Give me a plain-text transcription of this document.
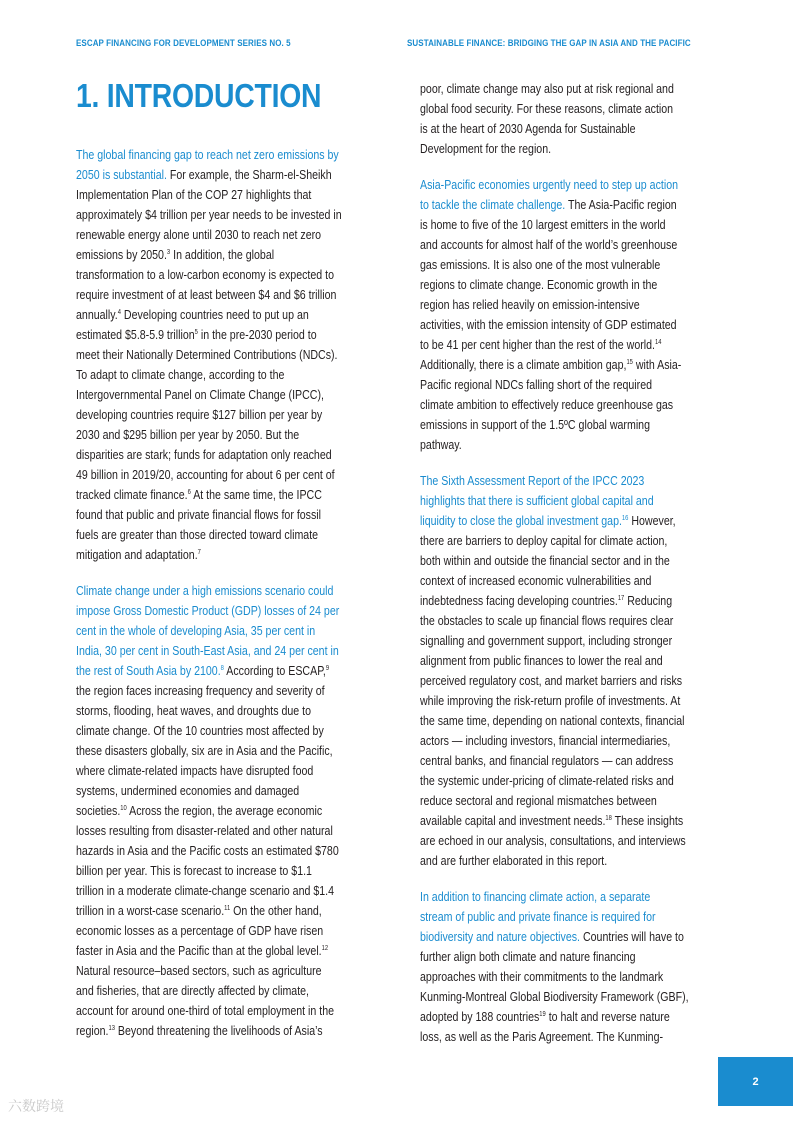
ESCAP FINANCING FOR DEVELOPMENT SERIES NO. 5	SUSTAINABLE FINANCE: BRIDGING THE GAP IN ASIA AND THE PACIFIC
1. INTRODUCTION
The global financing gap to reach net zero emissions by
2050 is substantial. For example, the Sharm-el-Sheikh
Implementation Plan of the COP 27 highlights that
approximately $4 trillion per year needs to be invested in
renewable energy alone until 2030 to reach net zero
emissions by 2050.$^3$ In addition, the global
transformation to a low-carbon economy is expected to
require investment of at least between $4 and $6 trillion
annually.$^4$ Developing countries need to put up an
estimated $5.8-5.9 trillion$^5$ in the pre-2030 period to
meet their Nationally Determined Contributions (NDCs).
To adapt to climate change, according to the
Intergovernmental Panel on Climate Change (IPCC),
developing countries require $127 billion per year by
2030 and $295 billion per year by 2050. But the
disparities are stark; funds for adaptation only reached
49 billion in 2019/20, accounting for about 6 per cent of
tracked climate finance.$^6$ At the same time, the IPCC
found that public and private financial flows for fossil
fuels are greater than those directed toward climate
mitigation and adaptation.$^7$
Climate change under a high emissions scenario could
impose Gross Domestic Product (GDP) losses of 24 per
cent in the whole of developing Asia, 35 per cent in
India, 30 per cent in South-East Asia, and 24 per cent in
the rest of South Asia by 2100.$^8$ According to ESCAP,$^9$
the region faces increasing frequency and severity of
storms, flooding, heat waves, and droughts due to
climate change. Of the 10 countries most affected by
these disasters globally, six are in Asia and the Pacific,
where climate-related impacts have disrupted food
systems, undermined economies and damaged
societies.$^{10}$ Across the region, the average economic
losses resulting from disaster-related and other natural
hazards in Asia and the Pacific costs an estimated $780
billion per year. This is forecast to increase to $1.1
trillion in a moderate climate-change scenario and $1.4
trillion in a worst-case scenario.$^{11}$ On the other hand,
economic losses as a percentage of GDP have risen
faster in Asia and the Pacific than at the global level.$^{12}$
Natural resource–based sectors, such as agriculture
and fisheries, that are directly affected by climate,
account for around one-third of total employment in the
region.$^{13}$ Beyond threatening the livelihoods of Asia’s
poor, climate change may also put at risk regional and
global food security. For these reasons, climate action
is at the heart of 2030 Agenda for Sustainable
Development for the region.
Asia-Pacific economies urgently need to step up action
to tackle the climate challenge. The Asia-Pacific region
is home to five of the 10 largest emitters in the world
and accounts for almost half of the world’s greenhouse
gas emissions. It is also one of the most vulnerable
regions to climate change. Economic growth in the
region has relied heavily on emission-intensive
activities, with the emission intensity of GDP estimated
to be 41 per cent higher than the rest of the world.$^{14}$
Additionally, there is a climate ambition gap,$^{15}$ with Asia-
Pacific regional NDCs falling short of the required
climate ambition to effectively reduce greenhouse gas
emissions in support of the 1.5ºC global warming
pathway.
The Sixth Assessment Report of the IPCC 2023
highlights that there is sufficient global capital and
liquidity to close the global investment gap.$^{16}$ However,
there are barriers to deploy capital for climate action,
both within and outside the financial sector and in the
context of increased economic vulnerabilities and
indebtedness facing developing countries.$^{17}$ Reducing
the obstacles to scale up financial flows requires clear
signalling and government support, including stronger
alignment from public finances to lower the real and
perceived regulatory cost, and market barriers and risks
while improving the risk-return profile of investments. At
the same time, depending on national contexts, financial
actors — including investors, financial intermediaries,
central banks, and financial regulators — can address
the systemic under-pricing of climate-related risks and
reduce sectoral and regional mismatches between
available capital and investment needs.$^{18}$ These insights
are echoed in our analysis, consultations, and interviews
and are further elaborated in this report.
In addition to financing climate action, a separate
stream of public and private finance is required for
biodiversity and nature objectives. Countries will have to
further align both climate and nature financing
approaches with their commitments to the landmark
Kunming-Montreal Global Biodiversity Framework (GBF),
adopted by 188 countries$^{19}$ to halt and reverse nature
loss, as well as the Paris Agreement. The Kunming-
2
六数跨境
